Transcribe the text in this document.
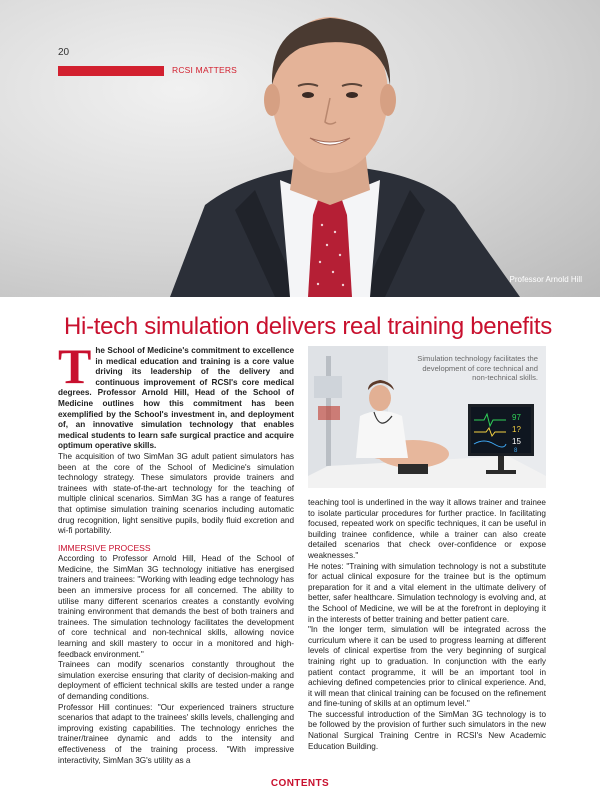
20
RCSI MATTERS
Professor Arnold Hill
Hi-tech simulation delivers real training benefits

The School of Medicine's commitment to excellence in medical education and training is a core value driving its leadership of the delivery and continuous improvement of RCSI's core medical degrees. Professor Arnold Hill, Head of the School of Medicine outlines how this commitment has been exemplified by the School's investment in, and deployment of, an innovative simulation technology that enables medical students to learn safe surgical practice and acquire optimum operative skills.

The acquisition of two SimMan 3G adult patient simulators has been at the core of the School of Medicine's simulation technology strategy. These simulators provide trainers and trainees with state-of-the-art technology for the teaching of multiple clinical scenarios. SimMan 3G has a range of features that optimise simulation training scenarios including automatic drug recognition, light sensitive pupils, bodily fluid excretion and wi-fi portability.

IMMERSIVE PROCESS

According to Professor Arnold Hill, Head of the School of Medicine, the SimMan 3G technology initiative has energised trainers and trainees: "Working with leading edge technology has been an immersive process for all concerned. The ability to utilise many different scenarios creates a constantly evolving training environment that demands the best of both trainers and trainees. The simulation technology facilitates the development of core technical and non-technical skills, allowing novice learning and skill mastery to occur in a monitored and high-feedback environment."

Trainees can modify scenarios constantly throughout the simulation exercise ensuring that clarity of decision-making and deployment of efficient technical skills are tested under a range of demanding conditions.

Professor Hill continues: "Our experienced trainers structure scenarios that adapt to the trainees' skills levels, challenging and improving existing capabilities. The technology enriches the trainer/trainee dynamic and adds to the intensity and effectiveness of the training process. "With impressive interactivity, SimMan 3G's utility as a

97
1?
15
8
Simulation technology facilitates the development of core technical and non-technical skills.

teaching tool is underlined in the way it allows trainer and trainee to isolate particular procedures for further practice. In facilitating focused, repeated work on specific techniques, it can be useful in building trainee confidence, while a trainer can also create detailed scenarios that check over-confidence or expose weaknesses."

He notes: "Training with simulation technology is not a substitute for actual clinical exposure for the trainee but is the optimum preparation for it and a vital element in the ultimate delivery of better, safer healthcare. Simulation technology is evolving and, at the School of Medicine, we will be at the forefront in deploying it in the interests of better training and better patient care.

"In the longer term, simulation will be integrated across the curriculum where it can be used to progress learning at different levels of clinical expertise from the very beginning of surgical training right up to graduation. In conjunction with the early patient contact programme, it will be an important tool in achieving defined competencies prior to clinical experience. And, it will mean that clinical training can be focused on the refinement and fine-tuning of skills at an optimum level."

The successful introduction of the SimMan 3G technology is to be followed by the provision of further such simulators in the new National Surgical Training Centre in RCSI's New Academic Education Building.

CONTENTS
